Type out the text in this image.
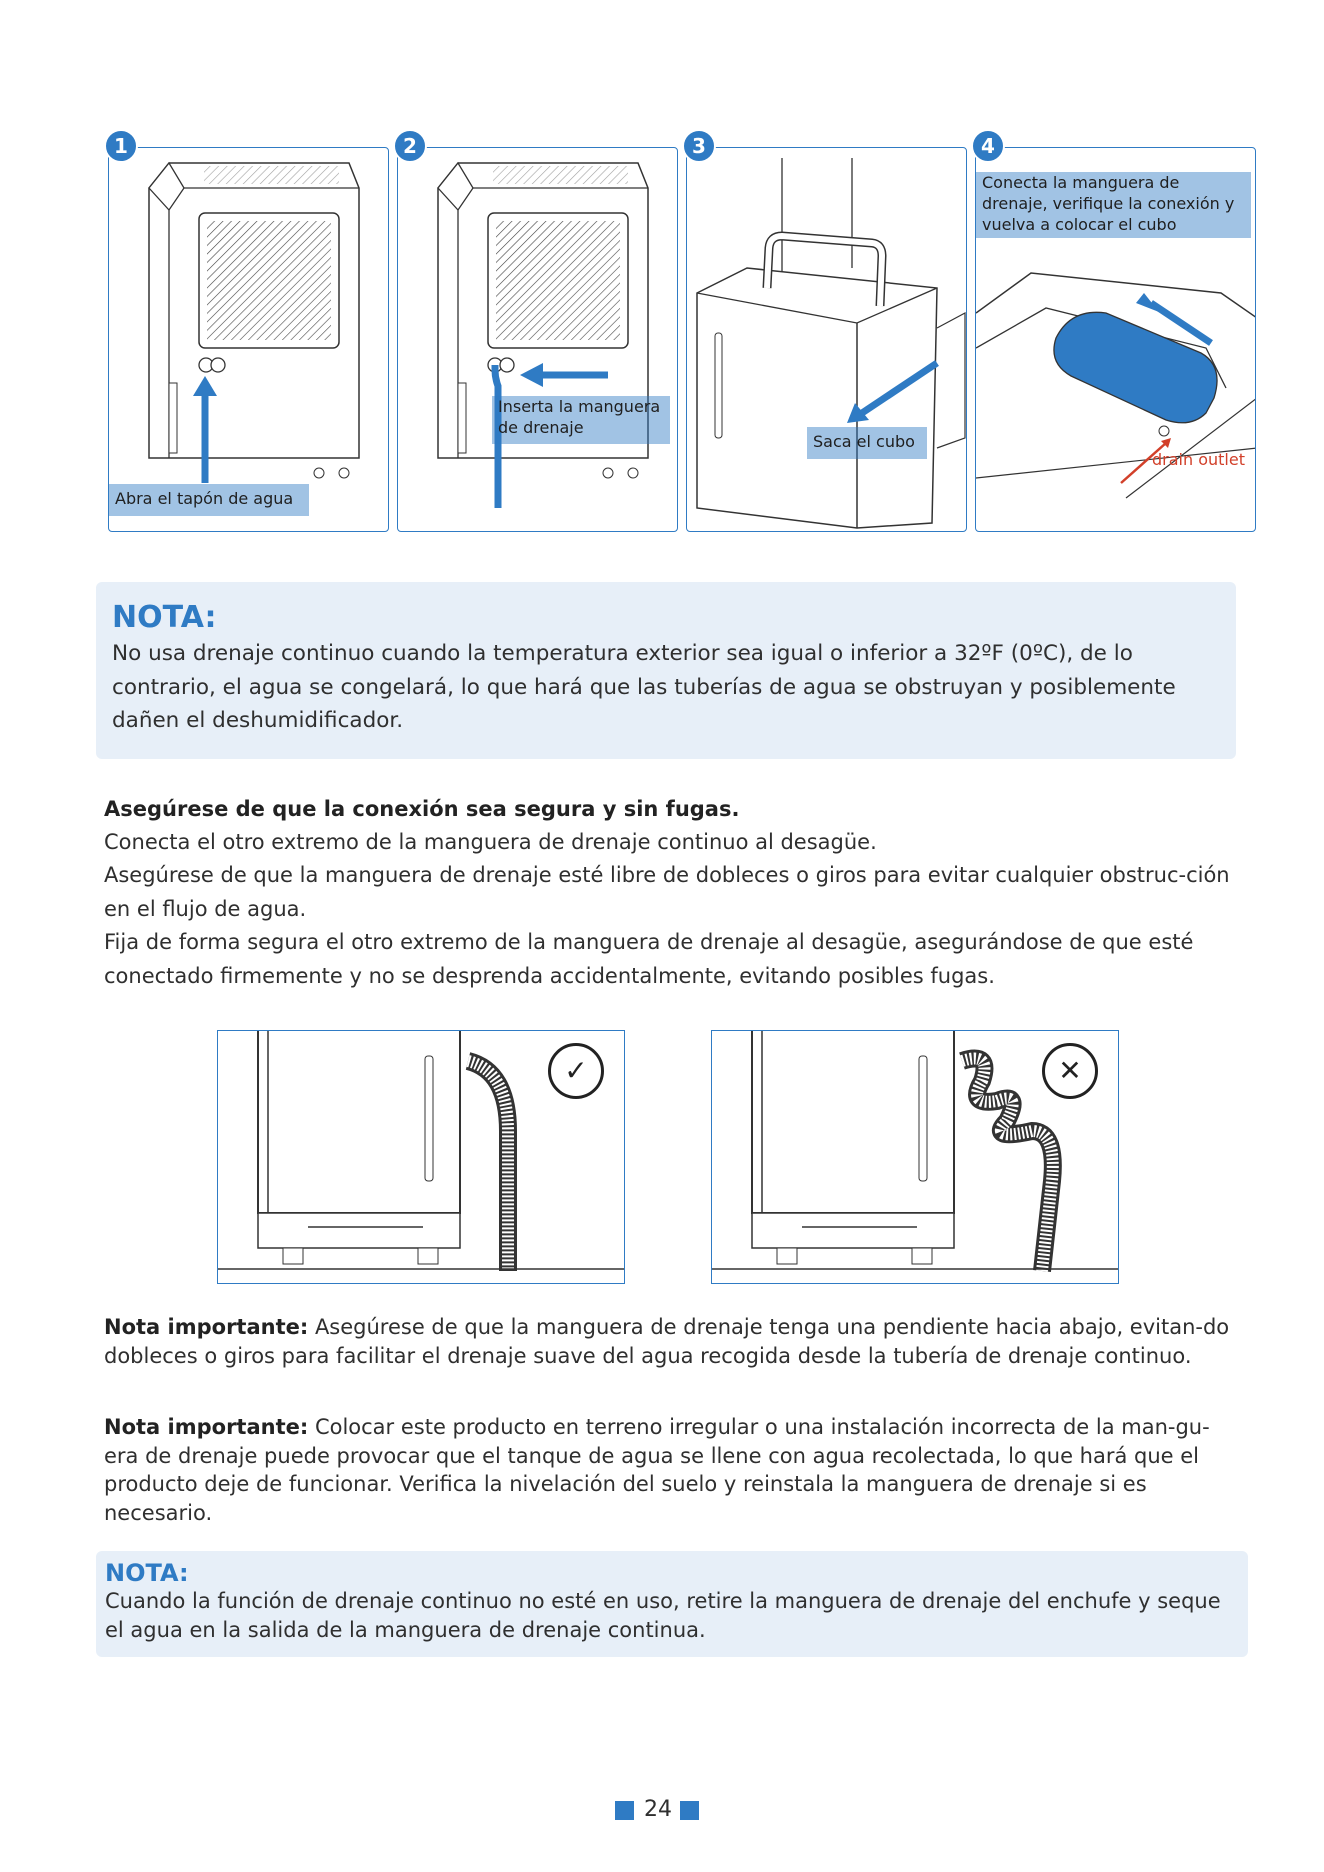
Abra el tapón de agua
1
Inserta la manguera de drenaje
2
Saca el cubo
3
Conecta la manguera de drenaje, verifique la conexión y vuelva a colocar el cubo
drain outlet
4
NOTA:
No usa drenaje continuo cuando la temperatura exterior sea igual o inferior a 32ºF (0ºC), de lo contrario, el agua se congelará, lo que hará que las tuberías de agua se obstruyan y posiblemente dañen el deshumidificador.
Asegúrese de que la conexión sea segura y sin fugas.
Conecta el otro extremo de la manguera de drenaje continuo al desagüe.
Asegúrese de que la manguera de drenaje esté libre de dobleces o giros para evitar cualquier obstruc-ción en el flujo de agua.
Fija de forma segura el otro extremo de la manguera de drenaje al desagüe, asegurándose de que esté conectado firmemente y no se desprenda accidentalmente, evitando posibles fugas.
✓	✕
Nota importante: Asegúrese de que la manguera de drenaje tenga una pendiente hacia abajo, evitan-do dobleces o giros para facilitar el drenaje suave del agua recogida desde la tubería de drenaje continuo.
Nota importante: Colocar este producto en terreno irregular o una instalación incorrecta de la man-gu-era de drenaje puede provocar que el tanque de agua se llene con agua recolectada, lo que hará que el producto deje de funcionar. Verifica la nivelación del suelo y reinstala la manguera de drenaje si es necesario.
NOTA:
Cuando la función de drenaje continuo no esté en uso, retire la manguera de drenaje del enchufe y seque el agua en la salida de la manguera de drenaje continua.
24
